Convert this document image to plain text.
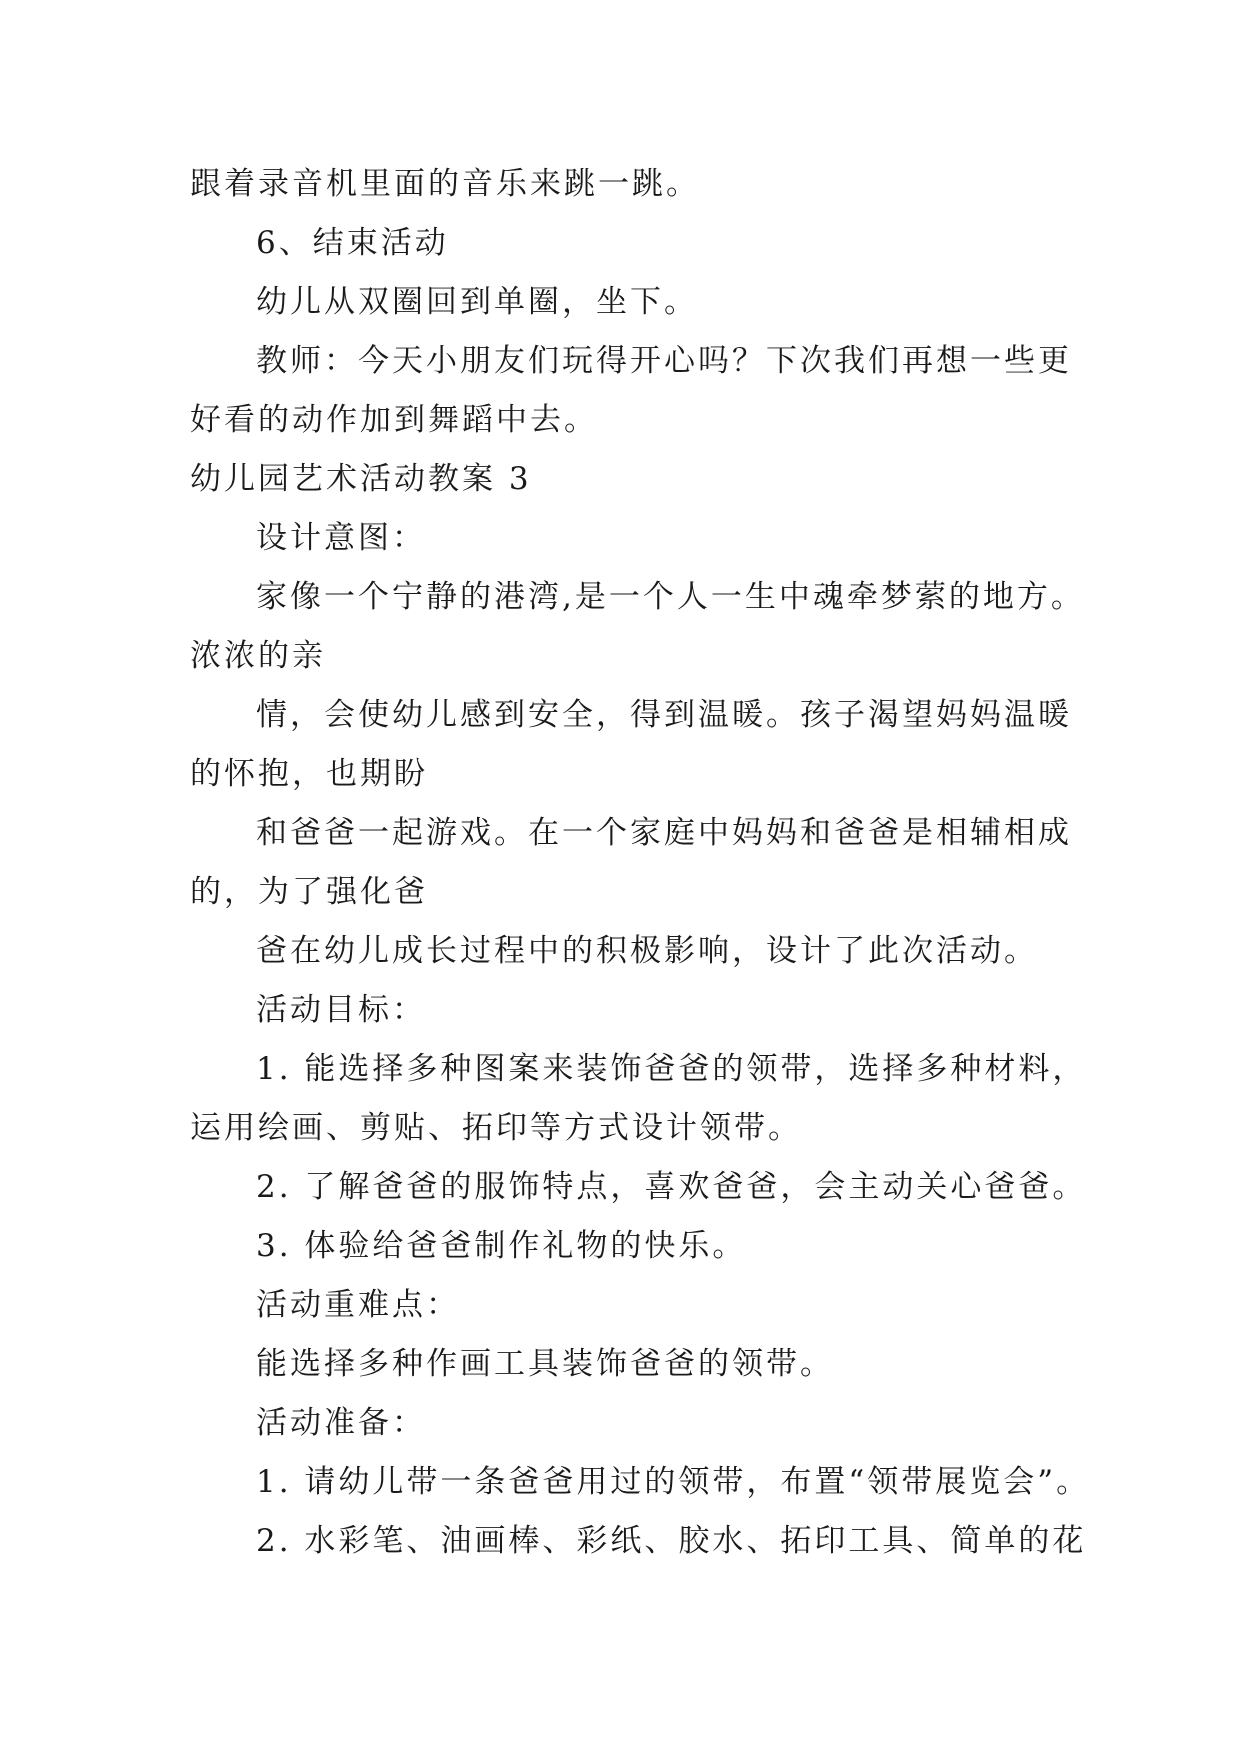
跟着录音机里面的音乐来跳一跳。
6、结束活动
幼儿从双圈回到单圈，坐下。
教师：今天小朋友们玩得开心吗？下次我们再想一些更
好看的动作加到舞蹈中去。
幼儿园艺术活动教案 3
设计意图：
家像一个宁静的港湾,是一个人一生中魂牵梦萦的地方。
浓浓的亲
情，会使幼儿感到安全，得到温暖。孩子渴望妈妈温暖
的怀抱，也期盼
和爸爸一起游戏。在一个家庭中妈妈和爸爸是相辅相成
的，为了强化爸
爸在幼儿成长过程中的积极影响，设计了此次活动。
活动目标：
1. 能选择多种图案来装饰爸爸的领带，选择多种材料，
运用绘画、剪贴、拓印等方式设计领带。
2. 了解爸爸的服饰特点，喜欢爸爸，会主动关心爸爸。
3. 体验给爸爸制作礼物的快乐。
活动重难点：
能选择多种作画工具装饰爸爸的领带。
活动准备：
1. 请幼儿带一条爸爸用过的领带，布置“领带展览会”。
2. 水彩笔、油画棒、彩纸、胶水、拓印工具、简单的花
